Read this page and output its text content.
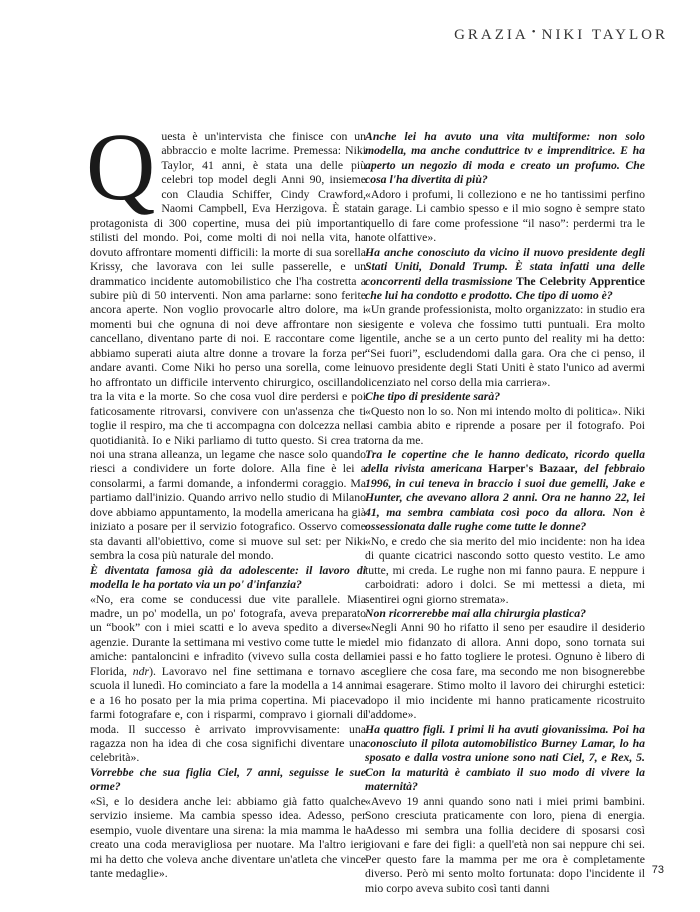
GRAZIA • NIKI TAYLOR

Questa è un'intervista che finisce con un abbraccio e molte lacrime. Premessa: Niki Taylor, 41 anni, è stata una delle più celebri top model degli Anni 90, insieme con Claudia Schiffer, Cindy Crawford, Naomi Campbell, Eva Herzigova. È stata protagonista di 300 copertine, musa dei più importanti stilisti del mondo. Poi, come molti di noi nella vita, ha dovuto affrontare momenti difficili: la morte di sua sorella Krissy, che lavorava con lei sulle passerelle, e un drammatico incidente automobilistico che l'ha costretta a subire più di 50 interventi. Non ama parlarne: sono ferite ancora aperte. Non voglio provocarle altro dolore, ma i momenti bui che ognuna di noi deve affrontare non si cancellano, diventano parte di noi. E raccontare come li abbiamo superati aiuta altre donne a trovare la forza per andare avanti. Come Niki ho perso una sorella, come lei ho affrontato un difficile intervento chirurgico, oscillando tra la vita e la morte. So che cosa vuol dire perdersi e poi faticosamente ritrovarsi, convivere con un'assenza che ti toglie il respiro, ma che ti accompagna con dolcezza nella quotidianità. Io e Niki parliamo di tutto questo. Si crea tra noi una strana alleanza, un legame che nasce solo quando riesci a condividere un forte dolore. Alla fine è lei a consolarmi, a farmi domande, a infondermi coraggio. Ma partiamo dall'inizio. Quando arrivo nello studio di Milano dove abbiamo appuntamento, la modella americana ha già iniziato a posare per il servizio fotografico. Osservo come sta davanti all'obiettivo, come si muove sul set: per Niki sembra la cosa più naturale del mondo.

È diventata famosa già da adolescente: il lavoro di modella le ha portato via un po' d'infanzia?

«No, era come se conducessi due vite parallele. Mia madre, un po' modella, un po' fotografa, aveva preparato un “book” con i miei scatti e lo aveva spedito a diverse agenzie. Durante la settimana mi vestivo come tutte le mie amiche: pantaloncini e infradito (vivevo sulla costa della Florida, ndr). Lavoravo nel fine settimana e tornavo a scuola il lunedì. Ho cominciato a fare la modella a 14 anni e a 16 ho posato per la mia prima copertina. Mi piaceva farmi fotografare e, con i risparmi, compravo i giornali di moda. Il successo è arrivato improvvisamente: una ragazza non ha idea di che cosa significhi diventare una celebrità».

Vorrebbe che sua figlia Ciel, 7 anni, seguisse le sue orme?

«Sì, e lo desidera anche lei: abbiamo già fatto qualche servizio insieme. Ma cambia spesso idea. Adesso, per esempio, vuole diventare una sirena: la mia mamma le ha creato una coda meravigliosa per nuotare. Ma l'altro ieri mi ha detto che voleva anche diventare un'atleta che vince tante medaglie».

Anche lei ha avuto una vita multiforme: non solo modella, ma anche conduttrice tv e imprenditrice. E ha aperto un negozio di moda e creato un profumo. Che cosa l'ha divertita di più?

«Adoro i profumi, li colleziono e ne ho tantissimi perfino in garage. Li cambio spesso e il mio sogno è sempre stato quello di fare come professione “il naso”: perdermi tra le note olfattive».

Ha anche conosciuto da vicino il nuovo presidente degli Stati Uniti, Donald Trump. È stata infatti una delle concorrenti della trasmissione The Celebrity Apprentice che lui ha condotto e prodotto. Che tipo di uomo è?

«Un grande professionista, molto organizzato: in studio era esigente e voleva che fossimo tutti puntuali. Era molto gentile, anche se a un certo punto del reality mi ha detto: “Sei fuori”, escludendomi dalla gara. Ora che ci penso, il nuovo presidente degli Stati Uniti è stato l'unico ad avermi licenziato nel corso della mia carriera».

Che tipo di presidente sarà?

«Questo non lo so. Non mi intendo molto di politica». Niki si cambia abito e riprende a posare per il fotografo. Poi torna da me.

Tra le copertine che le hanno dedicato, ricordo quella della rivista americana Harper's Bazaar, del febbraio 1996, in cui teneva in braccio i suoi due gemelli, Jake e Hunter, che avevano allora 2 anni. Ora ne hanno 22, lei 41, ma sembra cambiata così poco da allora. Non è ossessionata dalle rughe come tutte le donne?

«No, e credo che sia merito del mio incidente: non ha idea di quante cicatrici nascondo sotto questo vestito. Le amo tutte, mi creda. Le rughe non mi fanno paura. E neppure i carboidrati: adoro i dolci. Se mi mettessi a dieta, mi sentirei ogni giorno stremata».

Non ricorrerebbe mai alla chirurgia plastica?

«Negli Anni 90 ho rifatto il seno per esaudire il desiderio del mio fidanzato di allora. Anni dopo, sono tornata sui miei passi e ho fatto togliere le protesi. Ognuno è libero di scegliere che cosa fare, ma secondo me non bisognerebbe mai esagerare. Stimo molto il lavoro dei chirurghi estetici: dopo il mio incidente mi hanno praticamente ricostruito l'addome».

Ha quattro figli. I primi li ha avuti giovanissima. Poi ha conosciuto il pilota automobilistico Burney Lamar, lo ha sposato e dalla vostra unione sono nati Ciel, 7, e Rex, 5. Con la maturità è cambiato il suo modo di vivere la maternità?

«Avevo 19 anni quando sono nati i miei primi bambini. Sono cresciuta praticamente con loro, piena di energia. Adesso mi sembra una follia decidere di sposarsi così giovani e fare dei figli: a quell'età non sai neppure chi sei. Per questo fare la mamma per me ora è completamente diverso. Però mi sento molto fortunata: dopo l'incidente il mio corpo aveva subito così tanti danni

73
